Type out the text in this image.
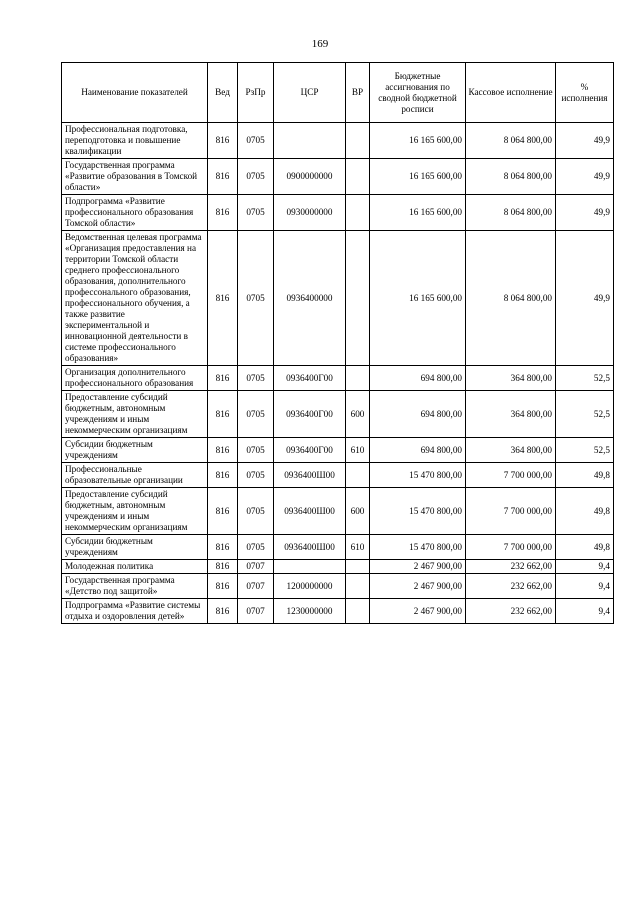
169
Наименование показателей	Вед	РзПр	ЦСР	ВР	Бюджетные ассигнования по сводной бюджетной росписи	Кассовое исполнение	% исполнения
Профессиональная подготовка, переподготовка и повышение квалификации	816	0705			16 165 600,00	8 064 800,00	49,9
Государственная программа «Развитие образования в Томской области»	816	0705	0900000000		16 165 600,00	8 064 800,00	49,9
Подпрограмма «Развитие профессионального образования Томской области»	816	0705	0930000000		16 165 600,00	8 064 800,00	49,9
Ведомственная целевая программа «Организация предоставления на территории Томской области среднего профессионального образования, дополнительного профессонального образования, профессионального обучения, а также развитие экспериментальной и инновационной деятельности в системе профессионального образования»	816	0705	0936400000		16 165 600,00	8 064 800,00	49,9
Организация дополнительного профессионального образования	816	0705	0936400Г00		694 800,00	364 800,00	52,5
Предоставление субсидий бюджетным, автономным учреждениям и иным некоммерческим организациям	816	0705	0936400Г00	600	694 800,00	364 800,00	52,5
Субсидии бюджетным учреждениям	816	0705	0936400Г00	610	694 800,00	364 800,00	52,5
Профессиональные образовательные организации	816	0705	0936400Ш00		15 470 800,00	7 700 000,00	49,8
Предоставление субсидий бюджетным, автономным учреждениям и иным некоммерческим организациям	816	0705	0936400Ш00	600	15 470 800,00	7 700 000,00	49,8
Субсидии бюджетным учреждениям	816	0705	0936400Ш00	610	15 470 800,00	7 700 000,00	49,8
Молодежная политика	816	0707			2 467 900,00	232 662,00	9,4
Государственная программа «Детство под защитой»	816	0707	1200000000		2 467 900,00	232 662,00	9,4
Подпрограмма «Развитие системы отдыха и оздоровления детей»	816	0707	1230000000		2 467 900,00	232 662,00	9,4
